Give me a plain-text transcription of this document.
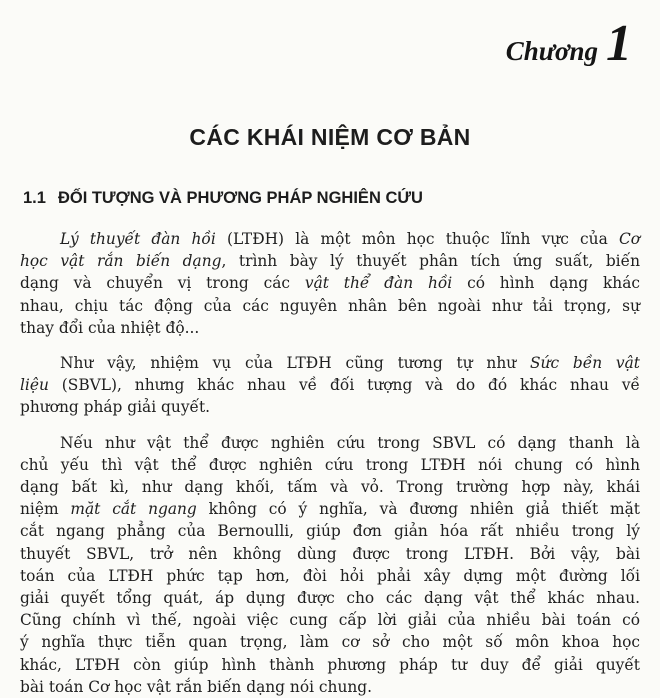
Chương 1
CÁC KHÁI NIỆM CƠ BẢN
1.1 ĐỐI TƯỢNG VÀ PHƯƠNG PHÁP NGHIÊN CỨU

Lý thuyết đàn hồi (LTĐH) là một môn học thuộc lĩnh vực của Cơ
học vật rắn biến dạng, trình bày lý thuyết phân tích ứng suất, biến
dạng và chuyển vị trong các vật thể đàn hồi có hình dạng khác
nhau, chịu tác động của các nguyên nhân bên ngoài như tải trọng, sự
thay đổi của nhiệt độ...

Như vậy, nhiệm vụ của LTĐH cũng tương tự như Sức bền vật
liệu (SBVL), nhưng khác nhau về đối tượng và do đó khác nhau về
phương pháp giải quyết.

Nếu như vật thể được nghiên cứu trong SBVL có dạng thanh là
chủ yếu thì vật thể được nghiên cứu trong LTĐH nói chung có hình
dạng bất kì, như dạng khối, tấm và vỏ. Trong trường hợp này, khái
niệm mặt cắt ngang không có ý nghĩa, và đương nhiên giả thiết mặt
cắt ngang phẳng của Bernoulli, giúp đơn giản hóa rất nhiều trong lý
thuyết SBVL, trở nên không dùng được trong LTĐH. Bởi vậy, bài
toán của LTĐH phức tạp hơn, đòi hỏi phải xây dựng một đường lối
giải quyết tổng quát, áp dụng được cho các dạng vật thể khác nhau.
Cũng chính vì thế, ngoài việc cung cấp lời giải của nhiều bài toán có
ý nghĩa thực tiễn quan trọng, làm cơ sở cho một số môn khoa học
khác, LTĐH còn giúp hình thành phương pháp tư duy để giải quyết
bài toán Cơ học vật rắn biến dạng nói chung.
